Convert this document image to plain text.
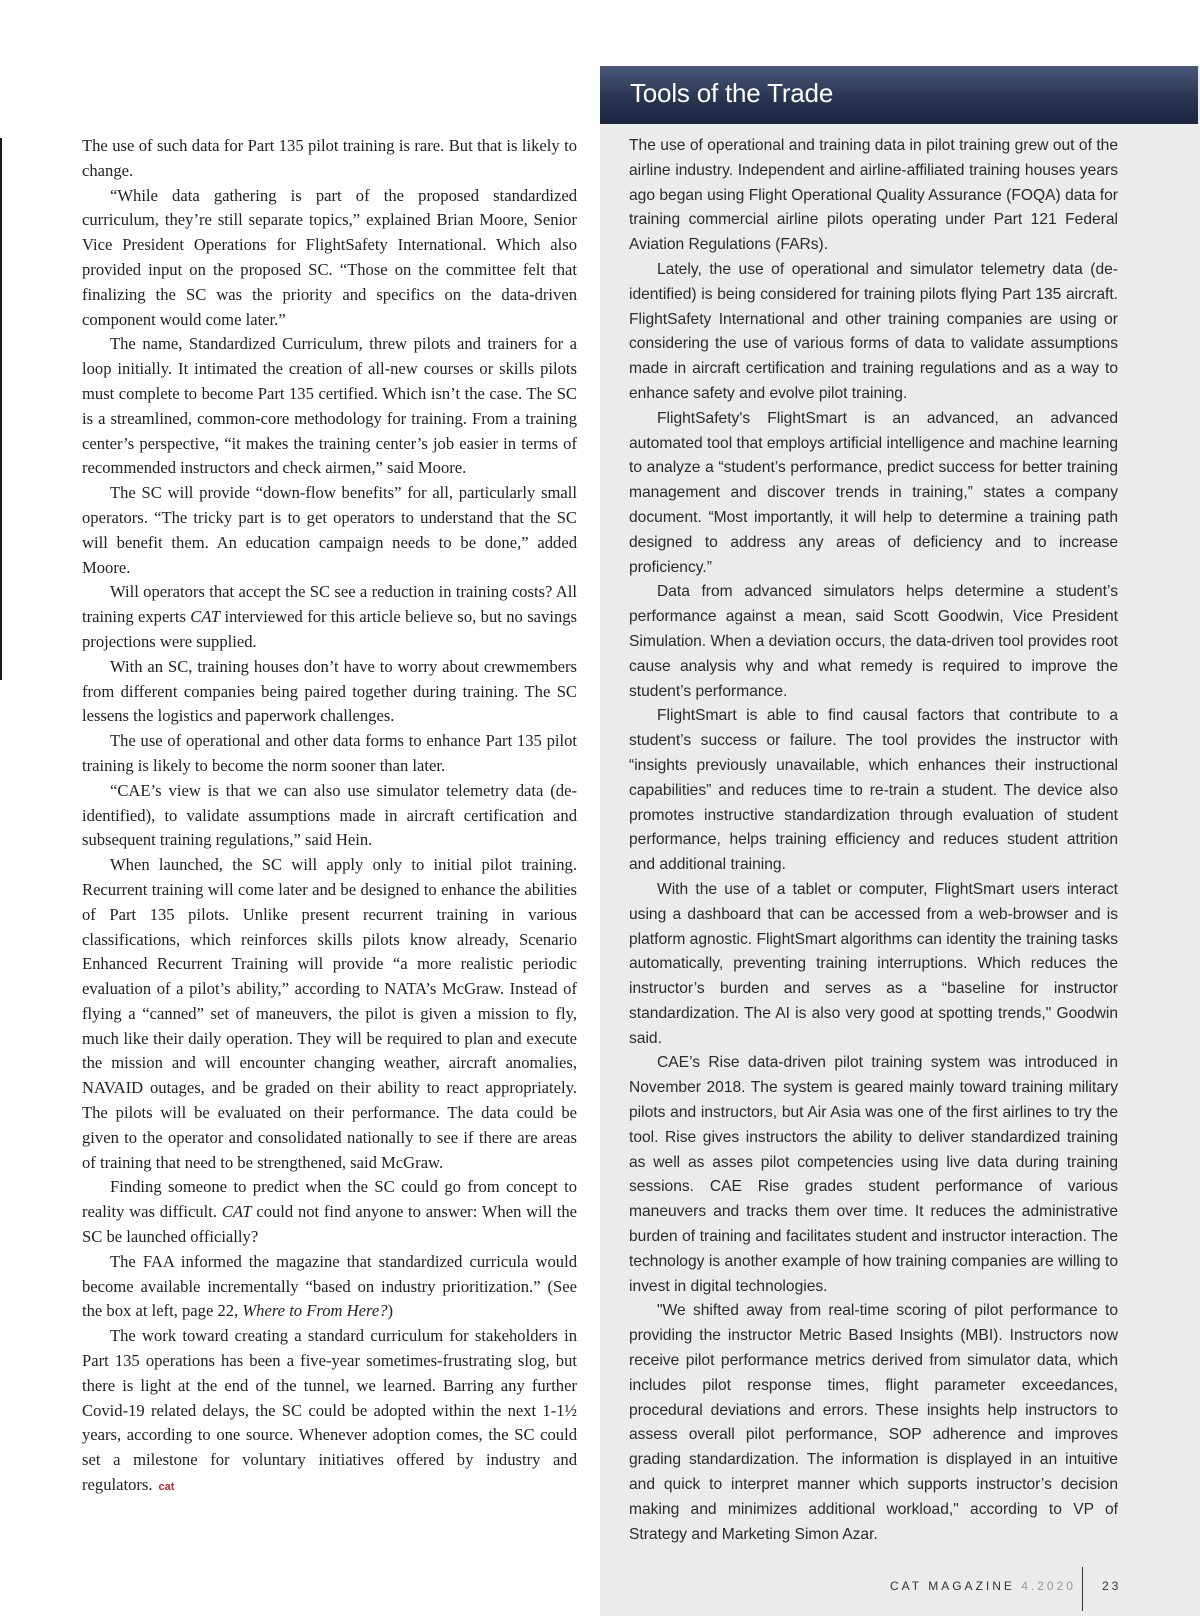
The use of such data for Part 135 pilot training is rare. But that is likely to change.

“While data gathering is part of the proposed standardized curriculum, they’re still separate topics,” explained Brian Moore, Senior Vice President Operations for FlightSafety International. Which also provided input on the proposed SC. “Those on the committee felt that finalizing the SC was the priority and specifics on the data-driven component would come later.”

The name, Standardized Curriculum, threw pilots and trainers for a loop initially. It intimated the creation of all-new courses or skills pilots must complete to become Part 135 certified. Which isn’t the case. The SC is a streamlined, common-core methodology for training. From a training center’s perspective, “it makes the training center’s job easier in terms of recommended instructors and check airmen,” said Moore.

The SC will provide “down-flow benefits” for all, particularly small operators. “The tricky part is to get operators to understand that the SC will benefit them. An education campaign needs to be done,” added Moore.

Will operators that accept the SC see a reduction in training costs? All training experts CAT interviewed for this article believe so, but no savings projections were supplied.

With an SC, training houses don’t have to worry about crewmembers from different companies being paired together during training. The SC lessens the logistics and paperwork challenges.

The use of operational and other data forms to enhance Part 135 pilot training is likely to become the norm sooner than later.

“CAE’s view is that we can also use simulator telemetry data (de-identified), to validate assumptions made in aircraft certification and subsequent training regulations,” said Hein.

When launched, the SC will apply only to initial pilot training. Recurrent training will come later and be designed to enhance the abilities of Part 135 pilots. Unlike present recurrent training in various classifications, which reinforces skills pilots know already, Scenario Enhanced Recurrent Training will provide “a more realistic periodic evaluation of a pilot’s ability,” according to NATA’s McGraw. Instead of flying a “canned” set of maneuvers, the pilot is given a mission to fly, much like their daily operation. They will be required to plan and execute the mission and will encounter changing weather, aircraft anomalies, NAVAID outages, and be graded on their ability to react appropriately. The pilots will be evaluated on their performance. The data could be given to the operator and consolidated nationally to see if there are areas of training that need to be strengthened, said McGraw.

Finding someone to predict when the SC could go from concept to reality was difficult. CAT could not find anyone to answer: When will the SC be launched officially?

The FAA informed the magazine that standardized curricula would become available incrementally “based on industry prioritization.” (See the box at left, page 22, Where to From Here?)

The work toward creating a standard curriculum for stakeholders in Part 135 operations has been a five-year sometimes-frustrating slog, but there is light at the end of the tunnel, we learned. Barring any further Covid-19 related delays, the SC could be adopted within the next 1-1½ years, according to one source. Whenever adoption comes, the SC could set a milestone for voluntary initiatives offered by industry and regulators. cat

Tools of the Trade

The use of operational and training data in pilot training grew out of the airline industry. Independent and airline-affiliated training houses years ago began using Flight Operational Quality Assurance (FOQA) data for training commercial airline pilots operating under Part 121 Federal Aviation Regulations (FARs).

Lately, the use of operational and simulator telemetry data (de-identified) is being considered for training pilots flying Part 135 aircraft. FlightSafety International and other training companies are using or considering the use of various forms of data to validate assumptions made in aircraft certification and training regulations and as a way to enhance safety and evolve pilot training.

FlightSafety's FlightSmart is an advanced, an advanced automated tool that employs artificial intelligence and machine learning to analyze a “student’s performance, predict success for better training management and discover trends in training,” states a company document. “Most importantly, it will help to determine a training path designed to address any areas of deficiency and to increase proficiency.”

Data from advanced simulators helps determine a student’s performance against a mean, said Scott Goodwin, Vice President Simulation. When a deviation occurs, the data-driven tool provides root cause analysis why and what remedy is required to improve the student’s performance.

FlightSmart is able to find causal factors that contribute to a student’s success or failure. The tool provides the instructor with “insights previously unavailable, which enhances their instructional capabilities” and reduces time to re-train a student. The device also promotes instructive standardization through evaluation of student performance, helps training efficiency and reduces student attrition and additional training.

With the use of a tablet or computer, FlightSmart users interact using a dashboard that can be accessed from a web-browser and is platform agnostic. FlightSmart algorithms can identity the training tasks automatically, preventing training interruptions. Which reduces the instructor’s burden and serves as a “baseline for instructor standardization. The AI is also very good at spotting trends," Goodwin said.

CAE’s Rise data-driven pilot training system was introduced in November 2018. The system is geared mainly toward training military pilots and instructors, but Air Asia was one of the first airlines to try the tool. Rise gives instructors the ability to deliver standardized training as well as asses pilot competencies using live data during training sessions. CAE Rise grades student performance of various maneuvers and tracks them over time. It reduces the administrative burden of training and facilitates student and instructor interaction. The technology is another example of how training companies are willing to invest in digital technologies.

"We shifted away from real-time scoring of pilot performance to providing the instructor Metric Based Insights (MBI). Instructors now receive pilot performance metrics derived from simulator data, which includes pilot response times, flight parameter exceedances, procedural deviations and errors. These insights help instructors to assess overall pilot performance, SOP adherence and improves grading standardization. The information is displayed in an intuitive and quick to interpret manner which supports instructor’s decision making and minimizes additional workload," according to VP of Strategy and Marketing Simon Azar.

CAT MAGAZINE 4.2020 23
